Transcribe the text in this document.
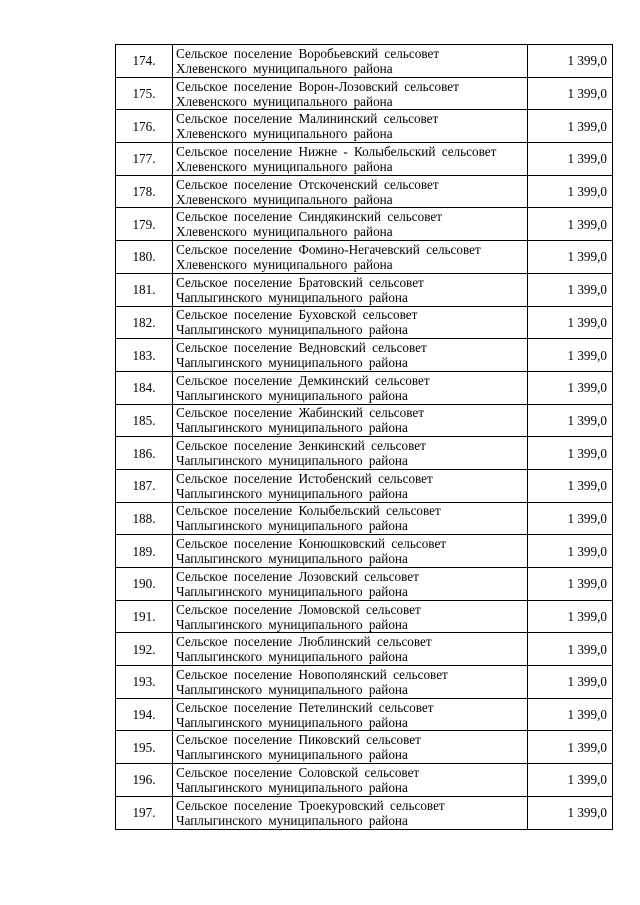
174.	Сельское поселение Воробьевский сельсовет
Хлевенского муниципального района	1 399,0
175.	Сельское поселение Ворон-Лозовский сельсовет
Хлевенского муниципального района	1 399,0
176.	Сельское поселение Малининский сельсовет
Хлевенского муниципального района	1 399,0
177.	Сельское поселение Нижне - Колыбельский сельсовет
Хлевенского муниципального района	1 399,0
178.	Сельское поселение Отскоченский сельсовет
Хлевенского муниципального района	1 399,0
179.	Сельское поселение Синдякинский сельсовет
Хлевенского муниципального района	1 399,0
180.	Сельское поселение Фомино-Негачевский сельсовет
Хлевенского муниципального района	1 399,0
181.	Сельское поселение Братовский сельсовет
Чаплыгинского муниципального района	1 399,0
182.	Сельское поселение Буховской сельсовет
Чаплыгинского муниципального района	1 399,0
183.	Сельское поселение Ведновский сельсовет
Чаплыгинского муниципального района	1 399,0
184.	Сельское поселение Демкинский сельсовет
Чаплыгинского муниципального района	1 399,0
185.	Сельское поселение Жабинский сельсовет
Чаплыгинского муниципального района	1 399,0
186.	Сельское поселение Зенкинский сельсовет
Чаплыгинского муниципального района	1 399,0
187.	Сельское поселение Истобенский сельсовет
Чаплыгинского муниципального района	1 399,0
188.	Сельское поселение Колыбельский сельсовет
Чаплыгинского муниципального района	1 399,0
189.	Сельское поселение Конюшковский сельсовет
Чаплыгинского муниципального района	1 399,0
190.	Сельское поселение Лозовский сельсовет
Чаплыгинского муниципального района	1 399,0
191.	Сельское поселение Ломовской сельсовет
Чаплыгинского муниципального района	1 399,0
192.	Сельское поселение Люблинский сельсовет
Чаплыгинского муниципального района	1 399,0
193.	Сельское поселение Новополянский сельсовет
Чаплыгинского муниципального района	1 399,0
194.	Сельское поселение Петелинский сельсовет
Чаплыгинского муниципального района	1 399,0
195.	Сельское поселение Пиковский сельсовет
Чаплыгинского муниципального района	1 399,0
196.	Сельское поселение Соловской сельсовет
Чаплыгинского муниципального района	1 399,0
197.	Сельское поселение Троекуровский сельсовет
Чаплыгинского муниципального района	1 399,0
